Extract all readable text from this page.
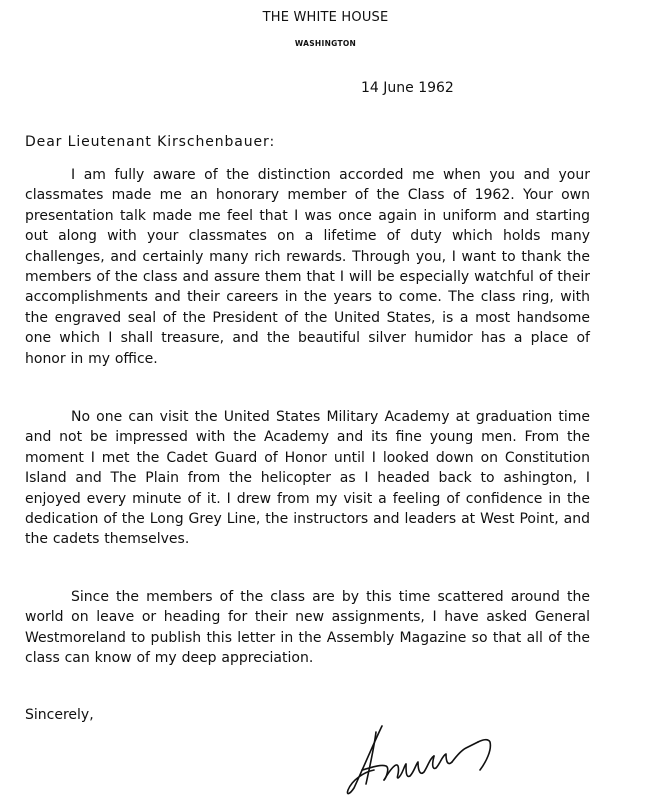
THE WHITE HOUSE
WASHINGTON
14 June 1962
Dear Lieutenant Kirschenbauer:

I am fully aware of the distinction accorded me when you and your classmates made me an honorary member of the Class of 1962. Your own presentation talk made me feel that I was once again in uniform and starting out along with your classmates on a lifetime of duty which holds many challenges, and certainly many rich rewards. Through you, I want to thank the members of the class and assure them that I will be especially watchful of their accomplishments and their careers in the years to come. The class ring, with the engraved seal of the President of the United States, is a most handsome one which I shall treasure, and the beautiful silver humidor has a place of honor in my office.

No one can visit the United States Military Academy at graduation time and not be impressed with the Academy and its fine young men. From the moment I met the Cadet Guard of Honor until I looked down on Constitution Island and The Plain from the helicopter as I headed back to ashington, I enjoyed every minute of it. I drew from my visit a feeling of confidence in the dedication of the Long Grey Line, the instructors and leaders at West Point, and the cadets themselves.

Since the members of the class are by this time scattered around the world on leave or heading for their new assignments, I have asked General Westmoreland to publish this letter in the Assembly Magazine so that all of the class can know of my deep appreciation.

Sincerely,
